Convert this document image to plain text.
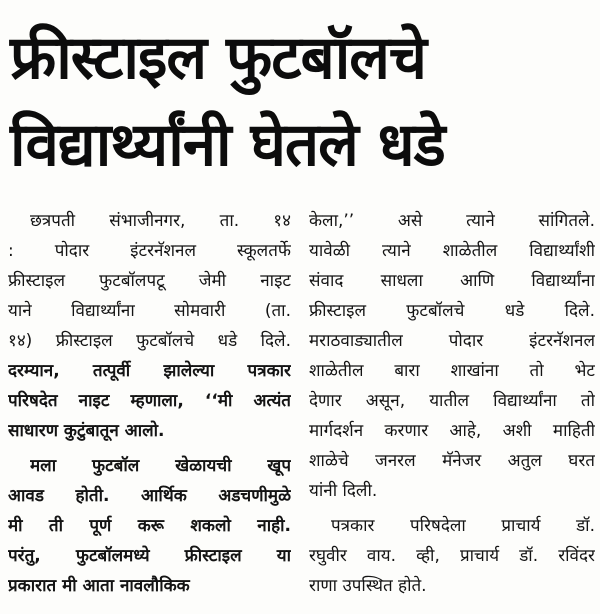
फ्रीस्टाइल फुटबॉलचे
विद्यार्थ्यांनी घेतले धडे
छत्रपती संभाजीनगर, ता. १४
: पोदार इंटरनॅशनल स्कूलतर्फे
फ्रीस्टाइल फुटबॉलपटू जेमी नाइट
याने विद्यार्थ्यांना सोमवारी (ता.
१४) फ्रीस्टाइल फुटबॉलचे धडे दिले.
दरम्यान, तत्पूर्वी झालेल्या पत्रकार
परिषदेत नाइट म्हणाला, ‘‘मी अत्यंत
साधारण कुटुंबातून आलो.
मला फुटबॉल खेळायची खूप
आवड होती. आर्थिक अडचणीमुळे
मी ती पूर्ण करू शकलो नाही.
परंतु, फुटबॉलमध्ये फ्रीस्टाइल या
प्रकारात मी आता नावलौकिक
केला,’’ असे त्याने सांगितले.
यावेळी त्याने शाळेतील विद्यार्थ्यांशी
संवाद साधला आणि विद्यार्थ्यांना
फ्रीस्टाइल फुटबॉलचे धडे दिले.
मराठवाड्यातील पोदार इंटरनॅशनल
शाळेतील बारा शाखांना तो भेट
देणार असून, यातील विद्यार्थ्यांना तो
मार्गदर्शन करणार आहे, अशी माहिती
शाळेचे जनरल मॅनेजर अतुल घरत
यांनी दिली.
पत्रकार परिषदेला प्राचार्य डॉ.
रघुवीर वाय. व्ही, प्राचार्य डॉ. रविंदर
राणा उपस्थित होते.
